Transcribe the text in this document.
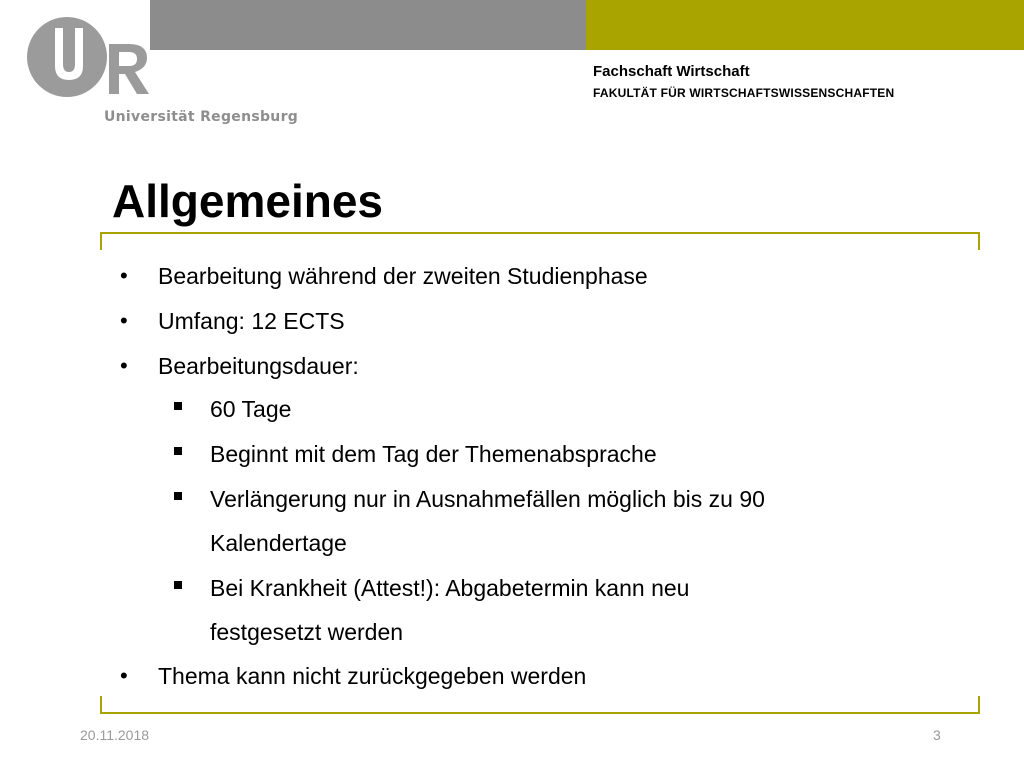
Universität Regensburg
Fachschaft Wirtschaft
FAKULTÄT FÜR WIRTSCHAFTSWISSENSCHAFTEN
Allgemeines
• Bearbeitung während der zweiten Studienphase
• Umfang: 12 ECTS
• Bearbeitungsdauer:
60 Tage
Beginnt mit dem Tag der Themenabsprache
Verlängerung nur in Ausnahmefällen möglich bis zu 90
Kalendertage
Bei Krankheit (Attest!): Abgabetermin kann neu
festgesetzt werden
• Thema kann nicht zurückgegeben werden
20.11.2018	3
